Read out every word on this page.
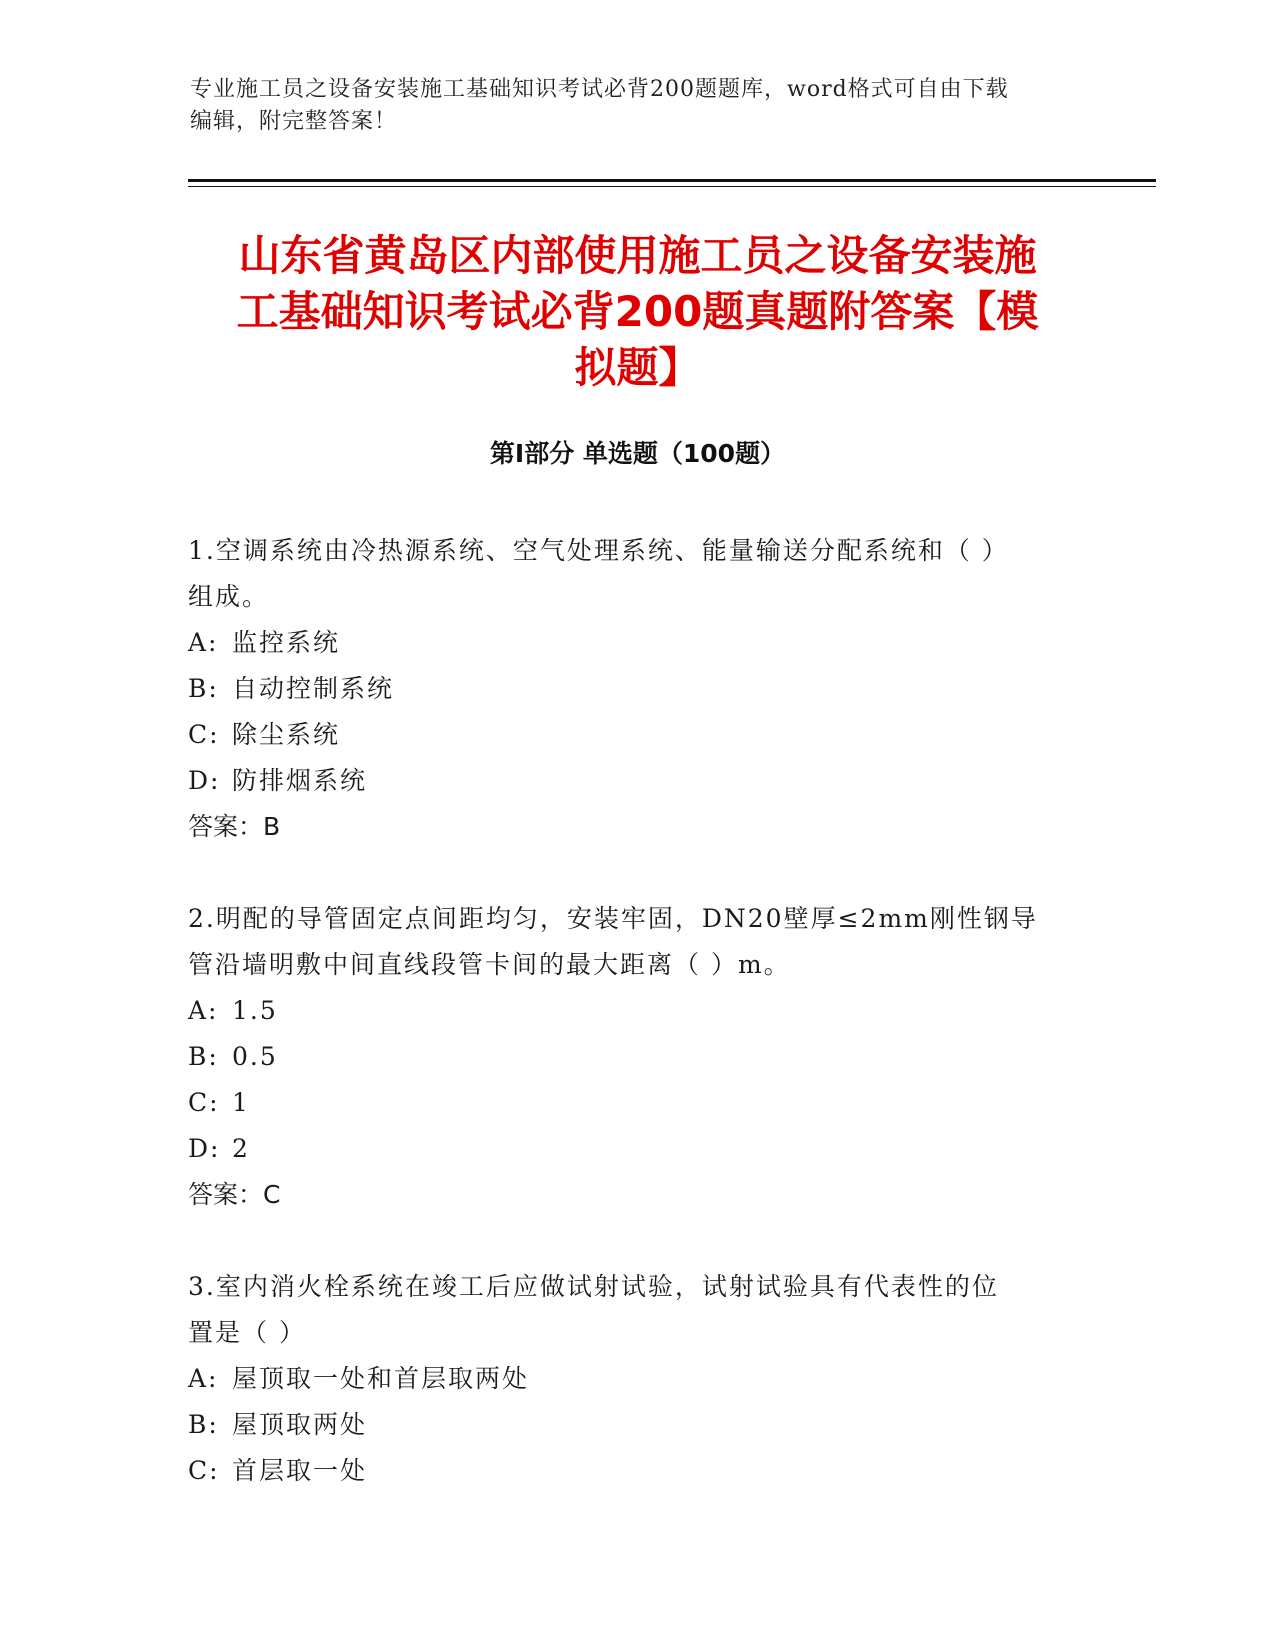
专业施工员之设备安装施工基础知识考试必背200题题库，word格式可自由下载
编辑，附完整答案！
山东省黄岛区内部使用施工员之设备安装施
工基础知识考试必背200题真题附答案【模
拟题】
第Ⅰ部分 单选题（100题）

1.空调系统由冷热源系统、空气处理系统、能量输送分配系统和（ ）

组成。

A: 监控系统

B: 自动控制系统

C: 除尘系统

D: 防排烟系统

答案：B

2.明配的导管固定点间距均匀，安装牢固，DN20壁厚≤2mm刚性钢导

管沿墙明敷中间直线段管卡间的最大距离（ ）m。

A: 1.5

B: 0.5

C: 1

D: 2

答案：C

3.室内消火栓系统在竣工后应做试射试验，试射试验具有代表性的位

置是（ ）

A: 屋顶取一处和首层取两处

B: 屋顶取两处

C: 首层取一处
